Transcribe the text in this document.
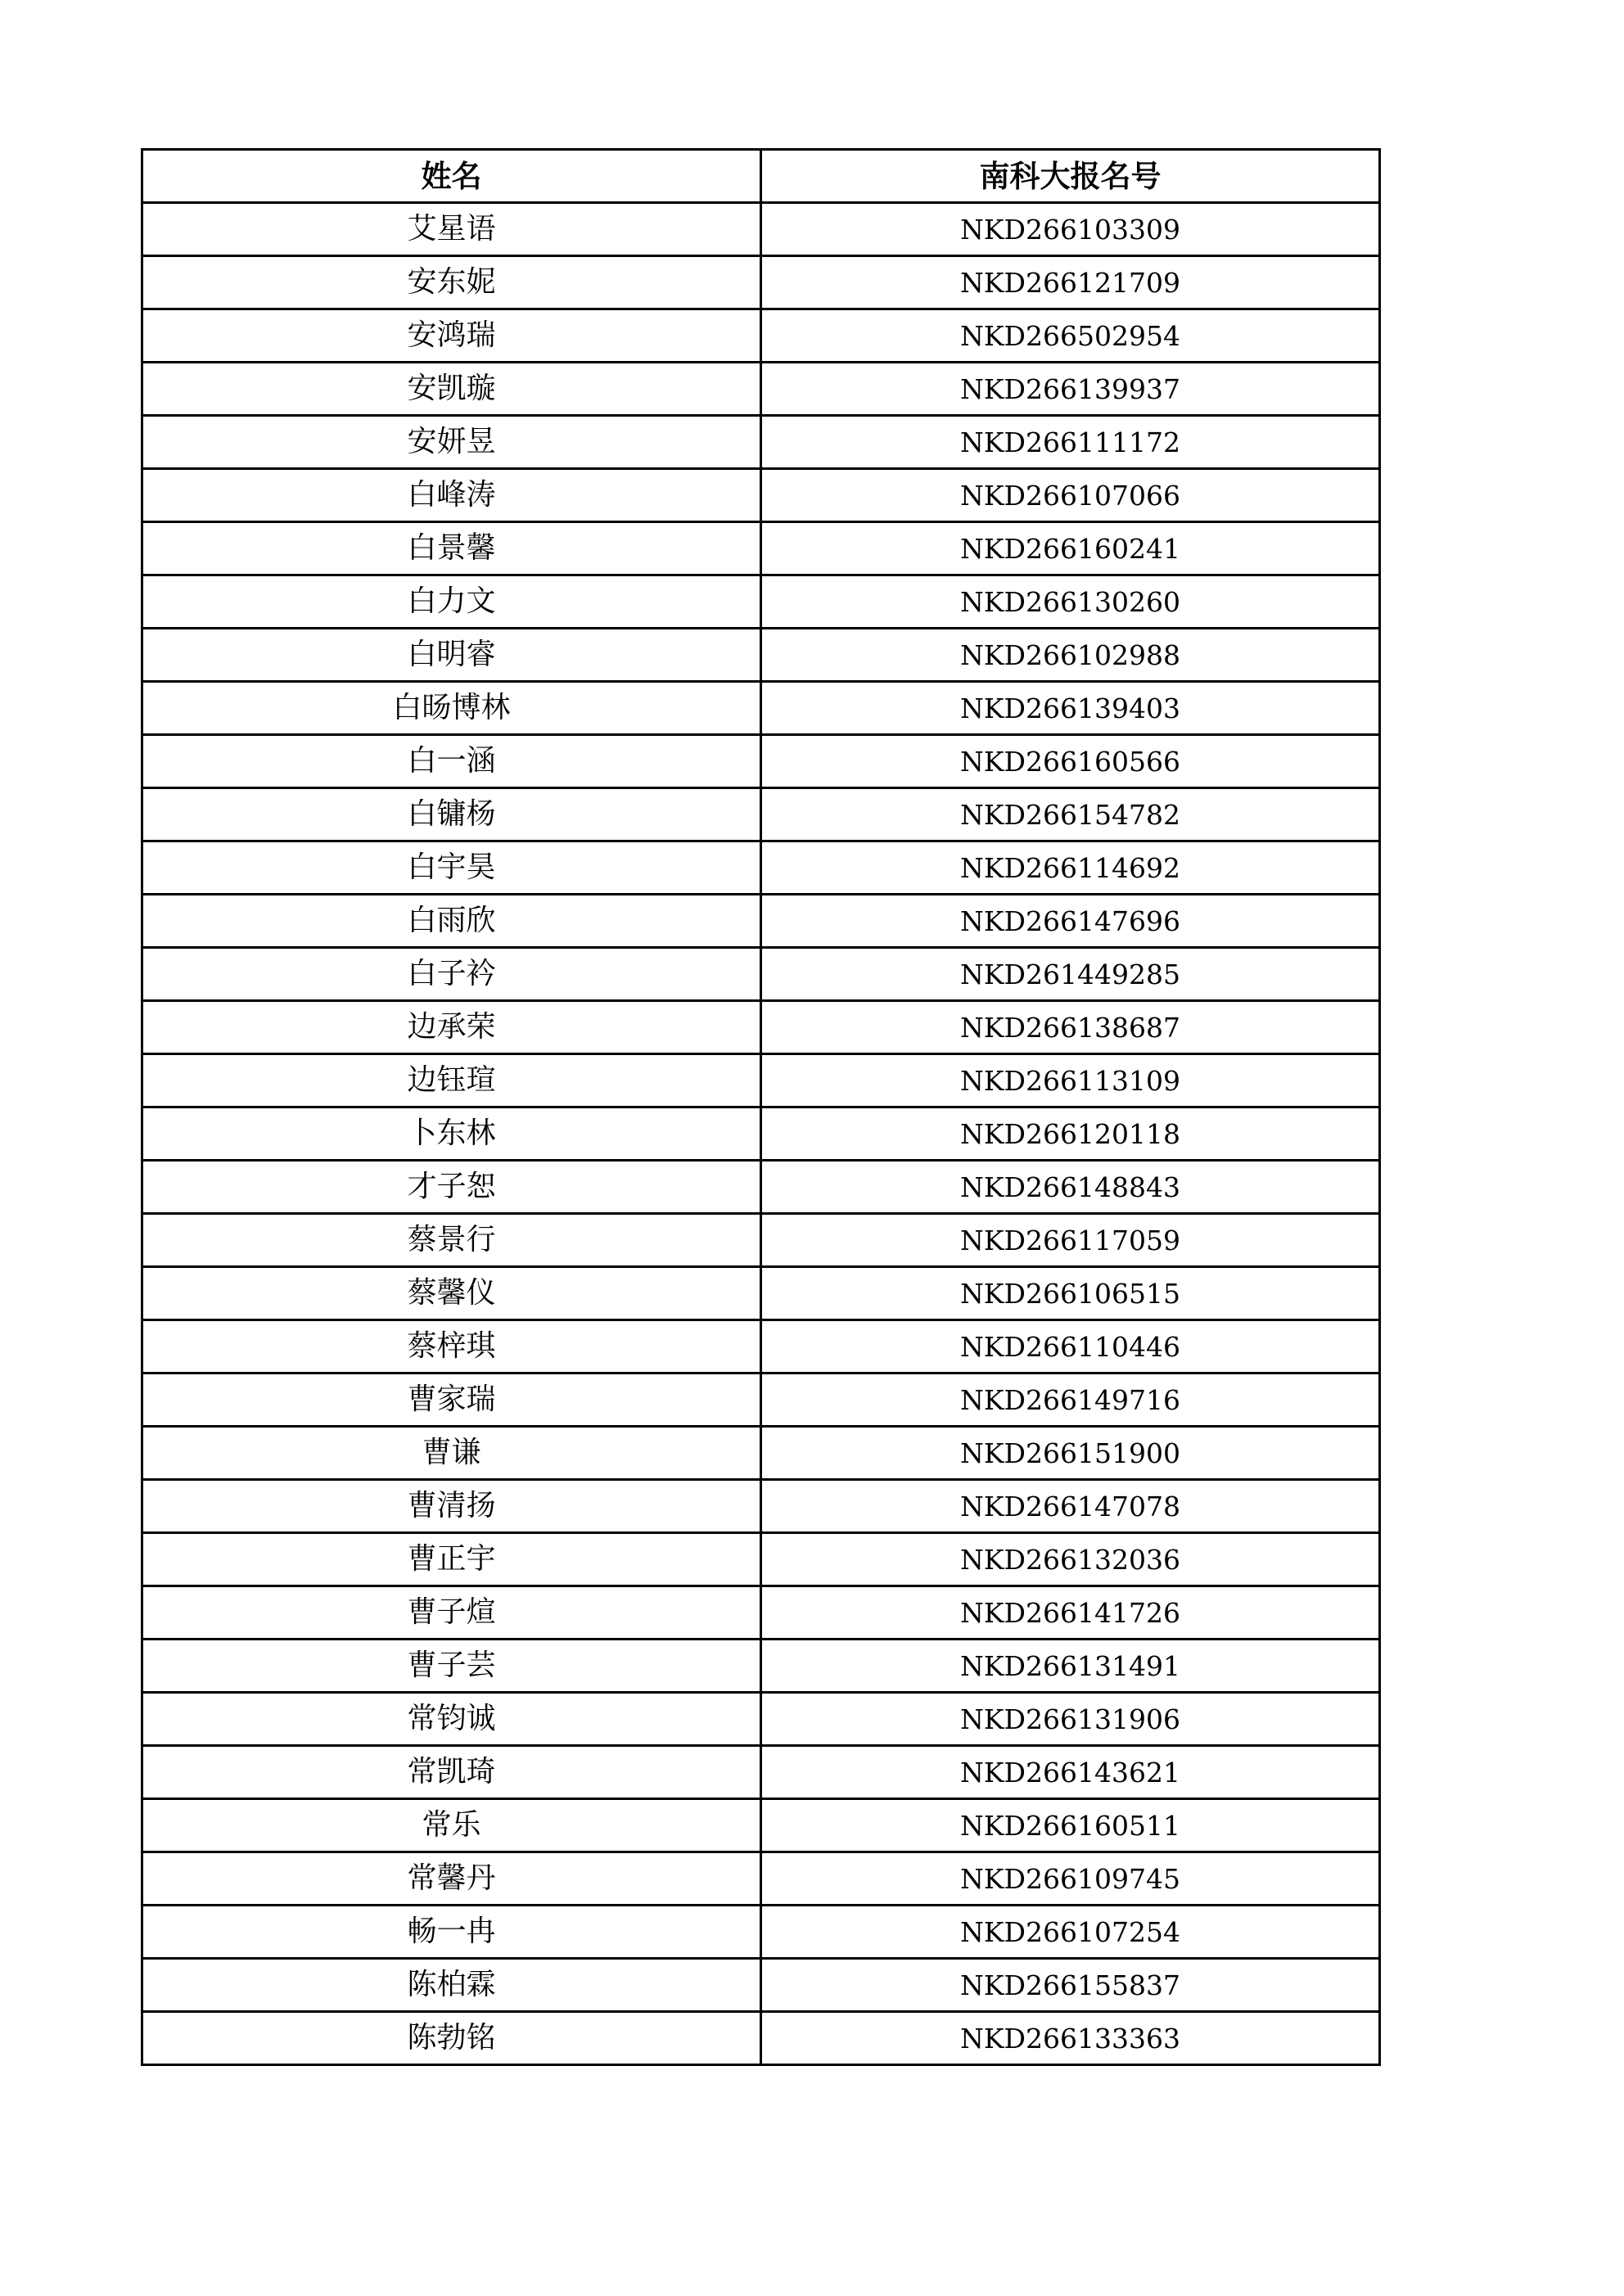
姓名	南科大报名号
艾星语	NKD266103309
安东妮	NKD266121709
安鸿瑞	NKD266502954
安凯璇	NKD266139937
安妍昱	NKD266111172
白峰涛	NKD266107066
白景馨	NKD266160241
白力文	NKD266130260
白明睿	NKD266102988
白旸博林	NKD266139403
白一涵	NKD266160566
白镛杨	NKD266154782
白宇昊	NKD266114692
白雨欣	NKD266147696
白子衿	NKD261449285
边承荣	NKD266138687
边钰瑄	NKD266113109
卜东林	NKD266120118
才子恕	NKD266148843
蔡景行	NKD266117059
蔡馨仪	NKD266106515
蔡梓琪	NKD266110446
曹家瑞	NKD266149716
曹谦	NKD266151900
曹清扬	NKD266147078
曹正宇	NKD266132036
曹子煊	NKD266141726
曹子芸	NKD266131491
常钧诚	NKD266131906
常凯琦	NKD266143621
常乐	NKD266160511
常馨丹	NKD266109745
畅一冉	NKD266107254
陈柏霖	NKD266155837
陈勃铭	NKD266133363
